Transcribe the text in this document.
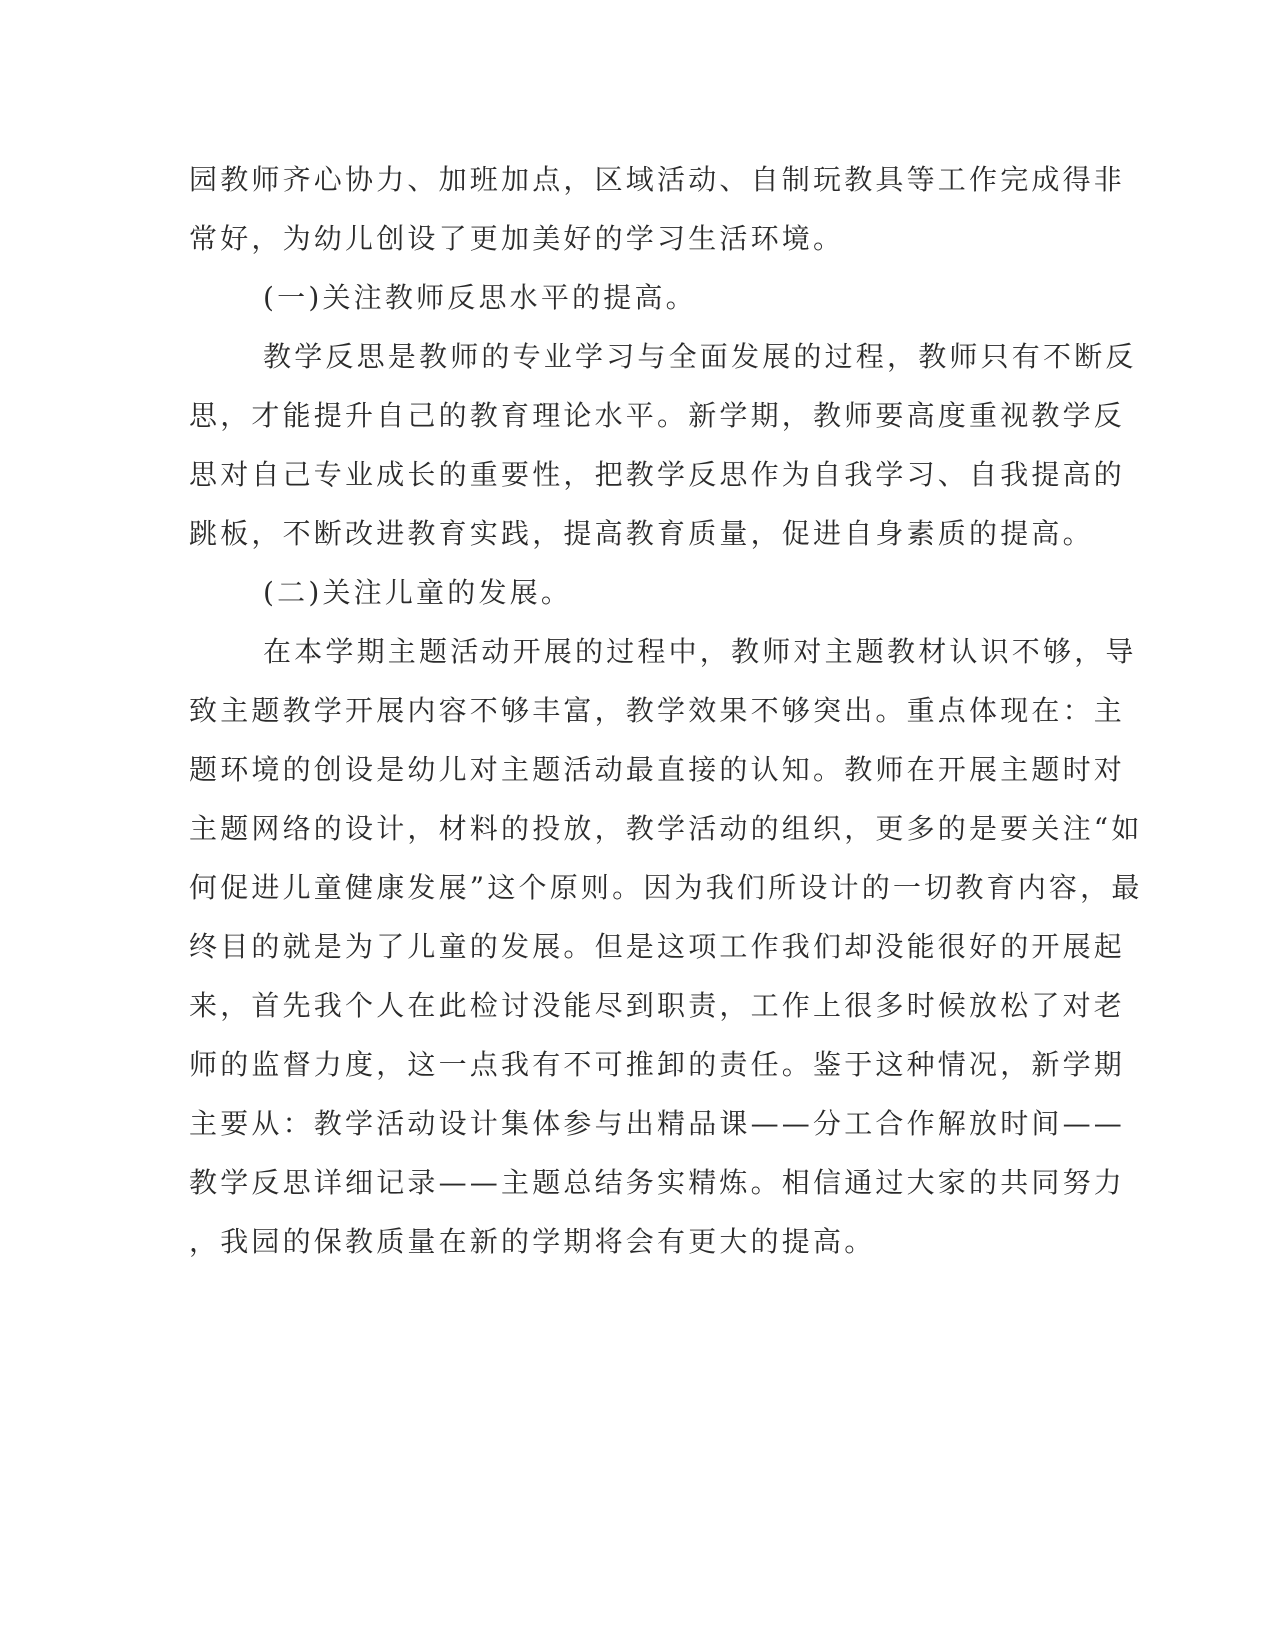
园教师齐心协力、加班加点，区域活动、自制玩教具等工作完成得非
常好，为幼儿创设了更加美好的学习生活环境。
(一)关注教师反思水平的提高。
教学反思是教师的专业学习与全面发展的过程，教师只有不断反
思，才能提升自己的教育理论水平。新学期，教师要高度重视教学反
思对自己专业成长的重要性，把教学反思作为自我学习、自我提高的
跳板，不断改进教育实践，提高教育质量，促进自身素质的提高。
(二)关注儿童的发展。
在本学期主题活动开展的过程中，教师对主题教材认识不够，导
致主题教学开展内容不够丰富，教学效果不够突出。重点体现在：主
题环境的创设是幼儿对主题活动最直接的认知。教师在开展主题时对
主题网络的设计，材料的投放，教学活动的组织，更多的是要关注“如
何促进儿童健康发展”这个原则。因为我们所设计的一切教育内容，最
终目的就是为了儿童的发展。但是这项工作我们却没能很好的开展起
来，首先我个人在此检讨没能尽到职责，工作上很多时候放松了对老
师的监督力度，这一点我有不可推卸的责任。鉴于这种情况，新学期
主要从：教学活动设计集体参与出精品课——分工合作解放时间——
教学反思详细记录——主题总结务实精炼。相信通过大家的共同努力
，我园的保教质量在新的学期将会有更大的提高。
